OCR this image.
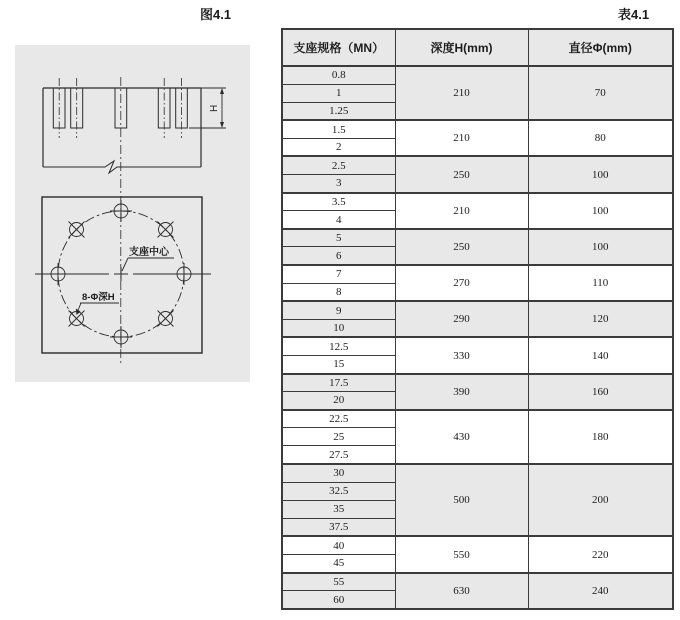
图4.1	表4.1
H
支座中心
8-Φ深H
支座规格（MN）	深度H(mm)	直径Φ(mm)
0.8	210	70
1		
1.25		
1.5	210	80
2		
2.5	250	100
3		
3.5	210	100
4		
5	250	100
6		
7	270	110
8		
9	290	120
10		
12.5	330	140
15		
17.5	390	160
20		
22.5	430	180
25		
27.5		
30	500	200
32.5		
35		
37.5		
40	550	220
45		
55	630	240
60		
